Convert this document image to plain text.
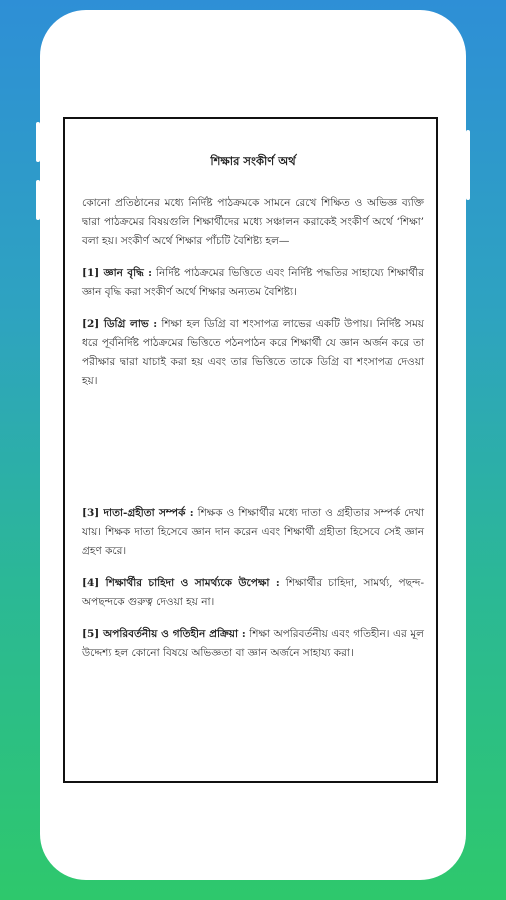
শিক্ষার সংকীর্ণ অর্থ

কোনো প্রতিষ্ঠানের মধ্যে নির্দিষ্ট পাঠক্রমকে সামনে রেখে শিক্ষিত ও অভিজ্ঞ ব্যক্তি দ্বারা পাঠক্রমের বিষয়গুলি শিক্ষার্থীদের মধ্যে সঞ্চালন করাকেই সংকীর্ণ অর্থে ‘শিক্ষা’ বলা হয়। সংকীর্ণ অর্থে শিক্ষার পাঁচটি বৈশিষ্ট্য হল—

[1] জ্ঞান বৃদ্ধি : নির্দিষ্ট পাঠক্রমের ভিত্তিতে এবং নির্দিষ্ট পদ্ধতির সাহায্যে শিক্ষার্থীর জ্ঞান বৃদ্ধি করা সংকীর্ণ অর্থে শিক্ষার অন্যতম বৈশিষ্ট্য।

[2] ডিগ্রি লাভ : শিক্ষা হল ডিগ্রি বা শংসাপত্র লাভের একটি উপায়। নির্দিষ্ট সময় ধরে পূর্বনির্দিষ্ট পাঠক্রমের ভিত্তিতে পঠনপাঠন করে শিক্ষার্থী যে জ্ঞান অর্জন করে তা পরীক্ষার দ্বারা যাচাই করা হয় এবং তার ভিত্তিতে তাকে ডিগ্রি বা শংসাপত্র দেওয়া হয়।

[3] দাতা-গ্রহীতা সম্পর্ক : শিক্ষক ও শিক্ষার্থীর মধ্যে দাতা ও গ্রহীতার সম্পর্ক দেখা যায়। শিক্ষক দাতা হিসেবে জ্ঞান দান করেন এবং শিক্ষার্থী গ্রহীতা হিসেবে সেই জ্ঞান গ্রহণ করে।

[4] শিক্ষার্থীর চাহিদা ও সামর্থ্যকে উপেক্ষা : শিক্ষার্থীর চাহিদা, সামর্থ্য, পছন্দ-অপছন্দকে গুরুত্ব দেওয়া হয় না।

[5] অপরিবর্তনীয় ও গতিহীন প্রক্রিয়া : শিক্ষা অপরিবর্তনীয় এবং গতিহীন। এর মূল উদ্দেশ্য হল কোনো বিষয়ে অভিজ্ঞতা বা জ্ঞান অর্জনে সাহায্য করা।
